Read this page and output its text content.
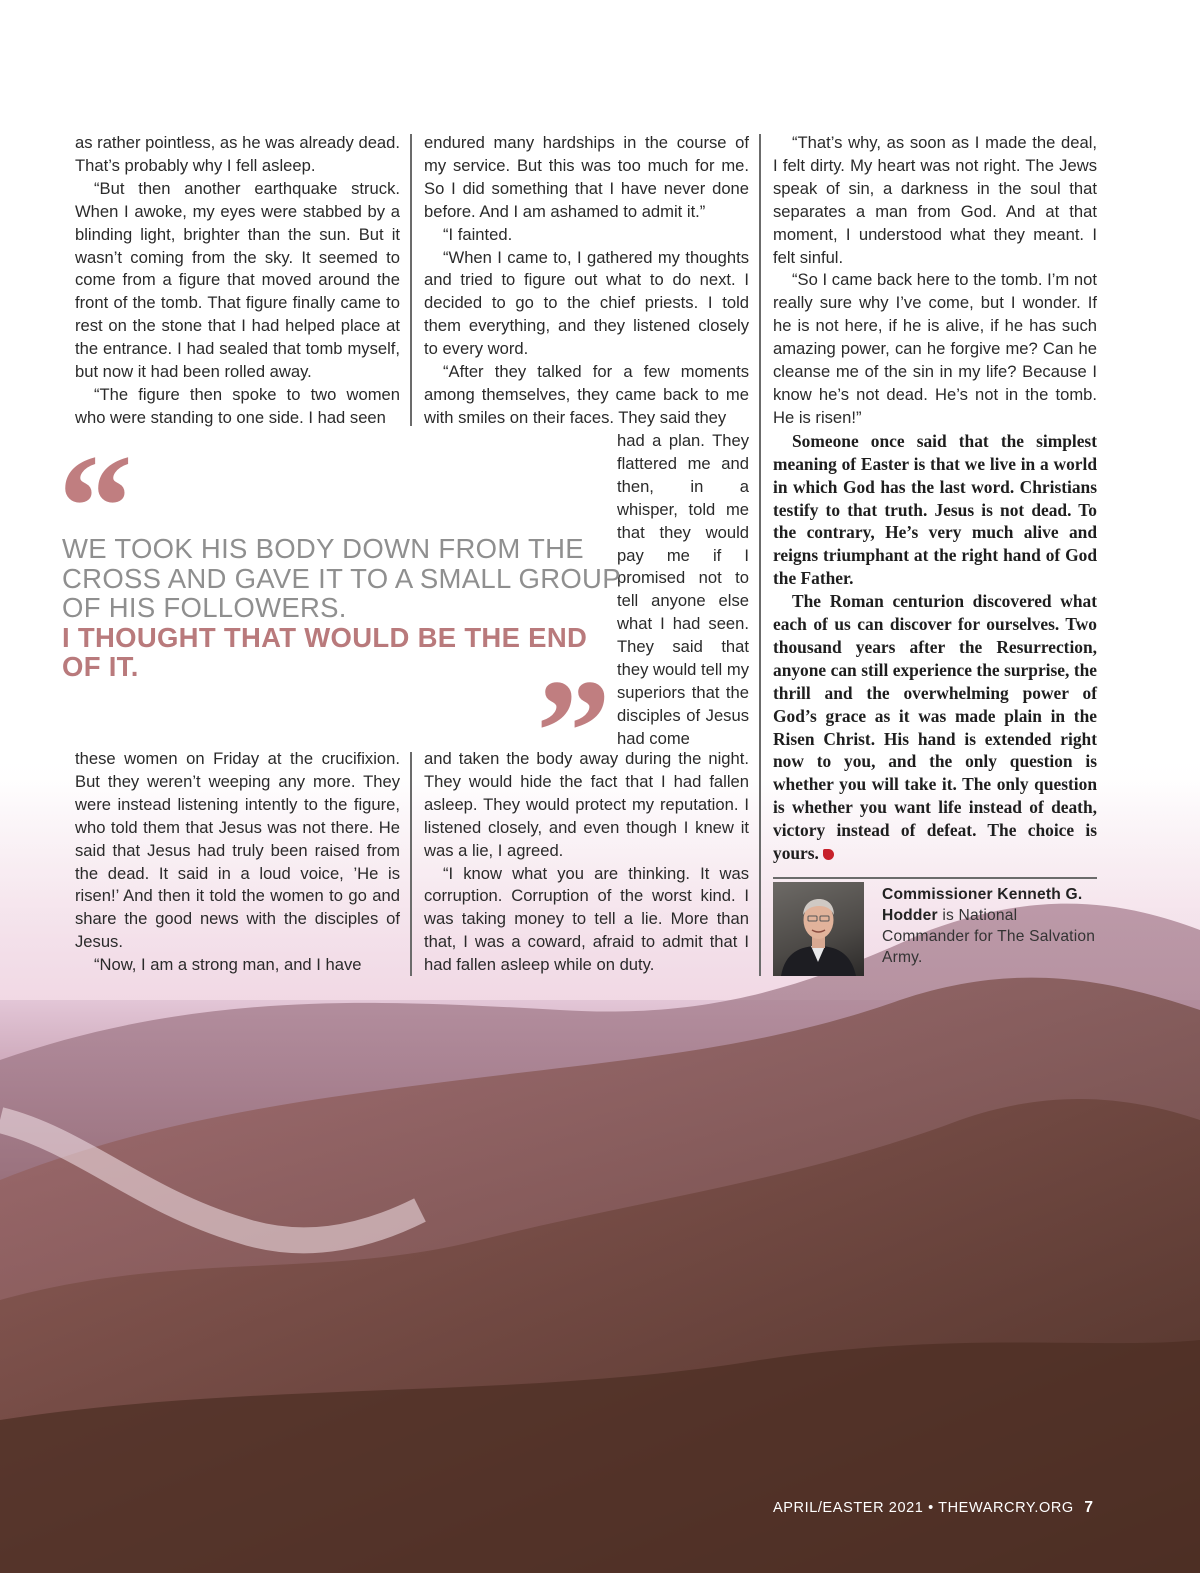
as rather pointless, as he was already dead. That’s probably why I fell asleep.

“But then another earthquake struck. When I awoke, my eyes were stabbed by a blinding light, brighter than the sun. But it wasn’t coming from the sky. It seemed to come from a figure that moved around the front of the tomb. That figure finally came to rest on the stone that I had helped place at the entrance. I had sealed that tomb myself, but now it had been rolled away.

“The figure then spoke to two women who were standing to one side. I had seen

endured many hardships in the course of my service. But this was too much for me. So I did something that I have never done before. And I am ashamed to admit it.”

“I fainted.

“When I came to, I gathered my thoughts and tried to figure out what to do next. I decided to go to the chief priests. I told them everything, and they listened closely to every word.

“After they talked for a few moments among themselves, they came back to me with smiles on their faces. They said they

had a plan. They flattered me and then, in a whisper, told me that they would pay me if I promised not to tell anyone else what I had seen. They said that they would tell my superiors that the disciples of Jesus had come

“
WE TOOK HIS BODY DOWN FROM THE CROSS AND GAVE IT TO A SMALL GROUP OF HIS FOLLOWERS.
I THOUGHT THAT WOULD BE THE END OF IT.	”

these women on Friday at the crucifixion. But they weren’t weeping any more. They were instead listening intently to the figure, who told them that Jesus was not there. He said that Jesus had truly been raised from the dead. It said in a loud voice, ’He is risen!’ And then it told the women to go and share the good news with the disciples of Jesus.

“Now, I am a strong man, and I have

and taken the body away during the night. They would hide the fact that I had fallen asleep. They would protect my reputation. I listened closely, and even though I knew it was a lie, I agreed.

“I know what you are thinking. It was corruption. Corruption of the worst kind. I was taking money to tell a lie. More than that, I was a coward, afraid to admit that I had fallen asleep while on duty.

“That’s why, as soon as I made the deal, I felt dirty. My heart was not right. The Jews speak of sin, a darkness in the soul that separates a man from God. And at that moment, I understood what they meant. I felt sinful.

“So I came back here to the tomb. I’m not really sure why I’ve come, but I wonder. If he is not here, if he is alive, if he has such amazing power, can he forgive me? Can he cleanse me of the sin in my life? Because I know he’s not dead. He’s not in the tomb. He is risen!”

Someone once said that the simplest meaning of Easter is that we live in a world in which God has the last word. Christians testify to that truth. Jesus is not dead. To the contrary, He’s very much alive and reigns triumphant at the right hand of God the Father.

The Roman centurion discovered what each of us can discover for ourselves. Two thousand years after the Resurrection, anyone can still experience the surprise, the thrill and the overwhelming power of God’s grace as it was made plain in the Risen Christ. His hand is extended right now to you, and the only question is whether you will take it. The only question is whether you want life instead of death, victory instead of defeat. The choice is yours.

Commissioner Kenneth G. Hodder is National Commander for The Salvation Army.
APRIL/EASTER 2021 • THEWARCRY.ORG 7
